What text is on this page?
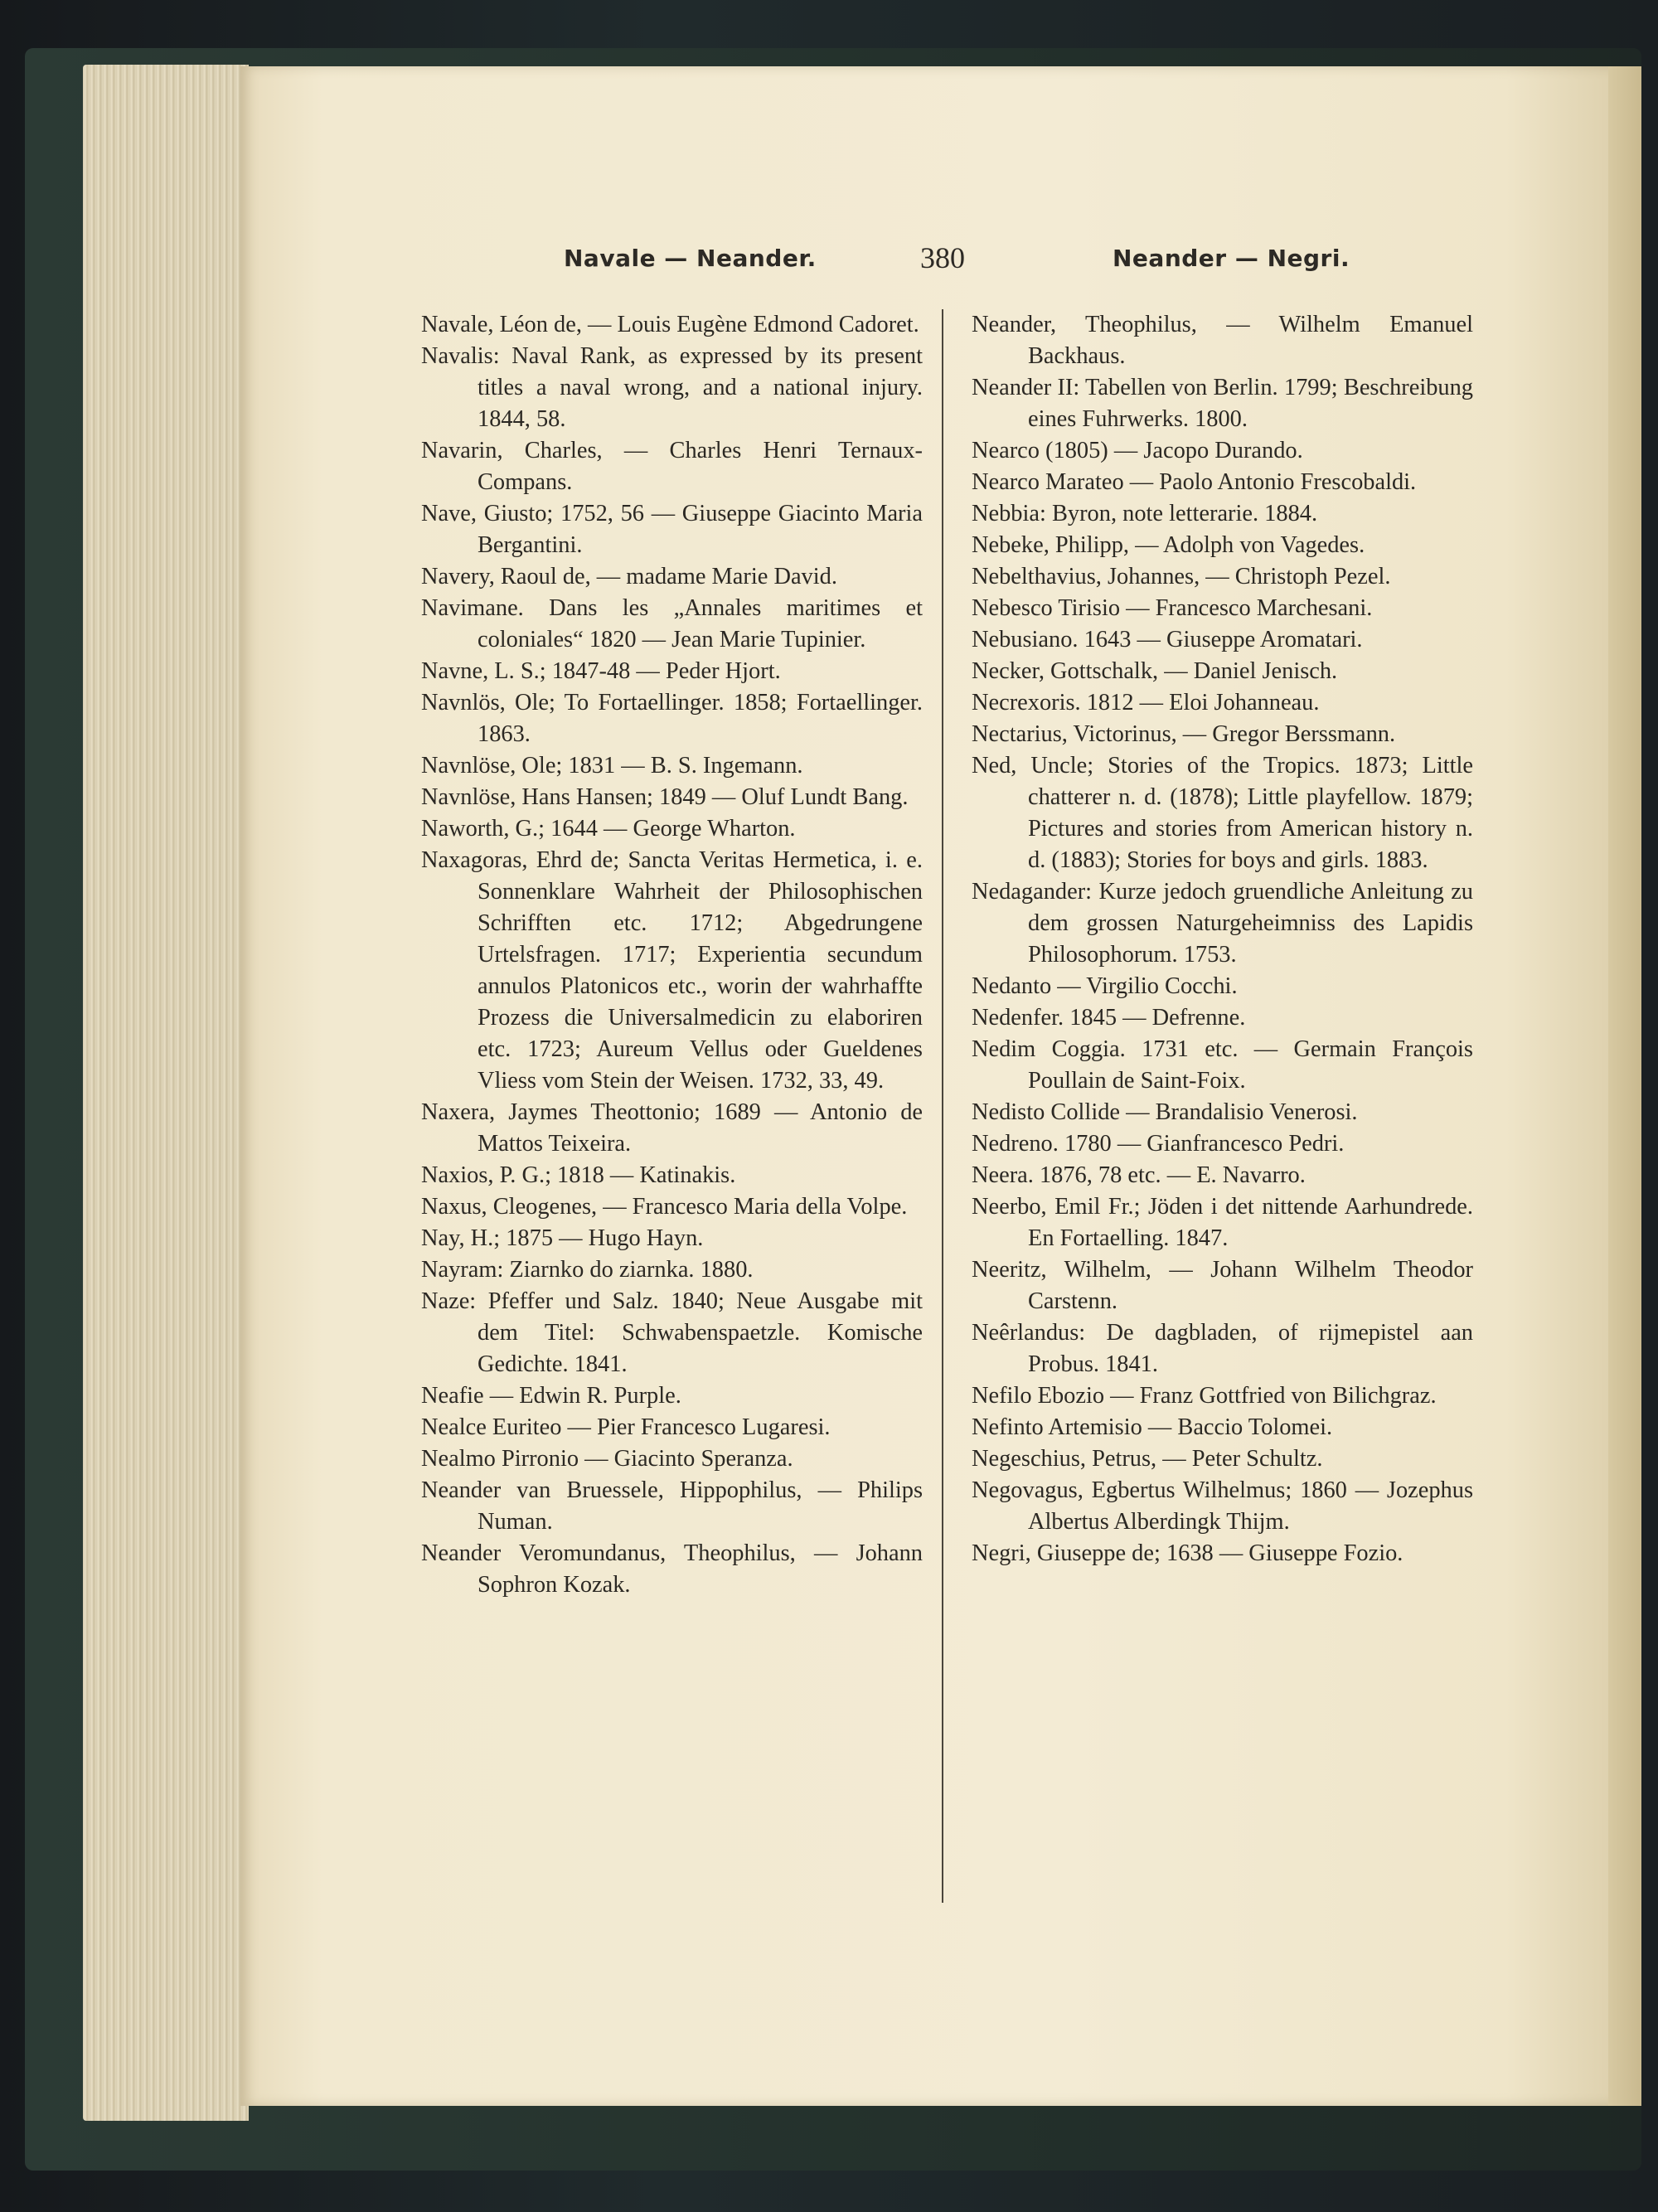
Navale — Neander.	380	Neander — Negri.

Navale, Léon de, — Louis Eugène Edmond Cadoret.

Navalis: Naval Rank, as expressed by its present titles a naval wrong, and a national injury. 1844, 58.

Navarin, Charles, — Charles Henri Ternaux-Compans.

Nave, Giusto; 1752, 56 — Giuseppe Giacinto Maria Bergantini.

Navery, Raoul de, — madame Marie David.

Navimane. Dans les „Annales maritimes et coloniales“ 1820 — Jean Marie Tupinier.

Navne, L. S.; 1847-48 — Peder Hjort.

Navnlös, Ole; To Fortaellinger. 1858; Fortaellinger. 1863.

Navnlöse, Ole; 1831 — B. S. Ingemann.

Navnlöse, Hans Hansen; 1849 — Oluf Lundt Bang.

Naworth, G.; 1644 — George Wharton.

Naxagoras, Ehrd de; Sancta Veritas Hermetica, i. e. Sonnenklare Wahrheit der Philosophischen Schrifften etc. 1712; Abgedrungene Urtelsfragen. 1717; Experientia secundum annulos Platonicos etc., worin der wahrhaffte Prozess die Universalmedicin zu elaboriren etc. 1723; Aureum Vellus oder Gueldenes Vliess vom Stein der Weisen. 1732, 33, 49.

Naxera, Jaymes Theottonio; 1689 — Antonio de Mattos Teixeira.

Naxios, P. G.; 1818 — Katinakis.

Naxus, Cleogenes, — Francesco Maria della Volpe.

Nay, H.; 1875 — Hugo Hayn.

Nayram: Ziarnko do ziarnka. 1880.

Naze: Pfeffer und Salz. 1840; Neue Ausgabe mit dem Titel: Schwabenspaetzle. Komische Gedichte. 1841.

Neafie — Edwin R. Purple.

Nealce Euriteo — Pier Francesco Lugaresi.

Nealmo Pirronio — Giacinto Speranza.

Neander van Bruessele, Hippophilus, — Philips Numan.

Neander Veromundanus, Theophilus, — Johann Sophron Kozak.

Neander, Theophilus, — Wilhelm Emanuel Backhaus.

Neander II: Tabellen von Berlin. 1799; Beschreibung eines Fuhrwerks. 1800.

Nearco (1805) — Jacopo Durando.

Nearco Marateo — Paolo Antonio Frescobaldi.

Nebbia: Byron, note letterarie. 1884.

Nebeke, Philipp, — Adolph von Vagedes.

Nebelthavius, Johannes, — Christoph Pezel.

Nebesco Tirisio — Francesco Marchesani.

Nebusiano. 1643 — Giuseppe Aromatari.

Necker, Gottschalk, — Daniel Jenisch.

Necrexoris. 1812 — Eloi Johanneau.

Nectarius, Victorinus, — Gregor Berssmann.

Ned, Uncle; Stories of the Tropics. 1873; Little chatterer n. d. (1878); Little playfellow. 1879; Pictures and stories from American history n. d. (1883); Stories for boys and girls. 1883.

Nedagander: Kurze jedoch gruendliche Anleitung zu dem grossen Naturgeheimniss des Lapidis Philosophorum. 1753.

Nedanto — Virgilio Cocchi.

Nedenfer. 1845 — Defrenne.

Nedim Coggia. 1731 etc. — Germain François Poullain de Saint-Foix.

Nedisto Collide — Brandalisio Venerosi.

Nedreno. 1780 — Gianfrancesco Pedri.

Neera. 1876, 78 etc. — E. Navarro.

Neerbo, Emil Fr.; Jöden i det nittende Aarhundrede. En Fortaelling. 1847.

Neeritz, Wilhelm, — Johann Wilhelm Theodor Carstenn.

Neêrlandus: De dagbladen, of rijmepistel aan Probus. 1841.

Nefilo Ebozio — Franz Gottfried von Bilichgraz.

Nefinto Artemisio — Baccio Tolomei.

Negeschius, Petrus, — Peter Schultz.

Negovagus, Egbertus Wilhelmus; 1860 — Jozephus Albertus Alberdingk Thijm.

Negri, Giuseppe de; 1638 — Giuseppe Fozio.
